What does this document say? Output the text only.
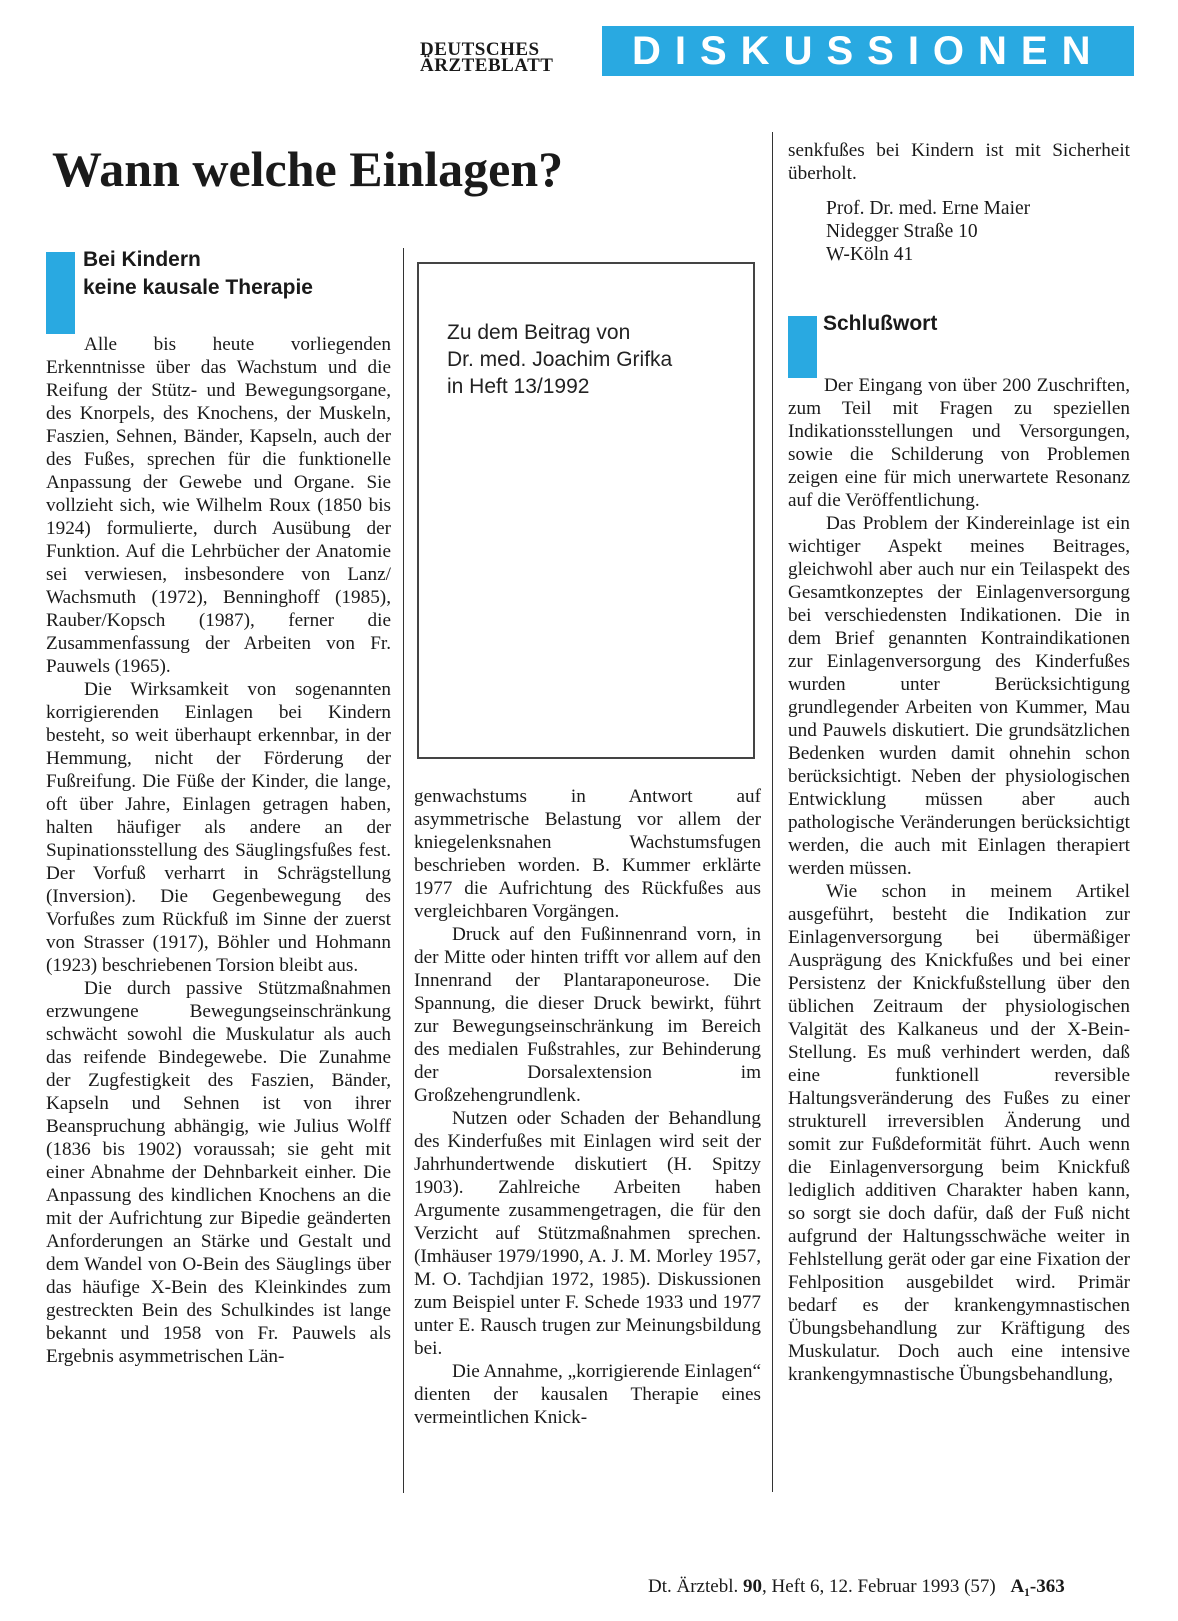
DEUTSCHES
ÄRZTEBLATT DISKUSSIONEN
Wann welche Einlagen?
Bei Kindern
keine kausale Therapie

Alle bis heute vorliegenden Erkenntnisse über das Wachstum und die Reifung der Stütz- und Bewegungsorgane, des Knorpels, des Knochens, der Muskeln, Faszien, Sehnen, Bänder, Kapseln, auch der des Fußes, sprechen für die funktionelle Anpassung der Gewebe und Organe. Sie vollzieht sich, wie Wilhelm Roux (1850 bis 1924) formulierte, durch Ausübung der Funktion. Auf die Lehrbücher der Anatomie sei verwiesen, insbesondere von Lanz/ Wachsmuth (1972), Benninghoff (1985), Rauber/Kopsch (1987), ferner die Zusammenfassung der Arbeiten von Fr. Pauwels (1965).

Die Wirksamkeit von sogenannten korrigierenden Einlagen bei Kindern besteht, so weit überhaupt erkennbar, in der Hemmung, nicht der Förderung der Fußreifung. Die Füße der Kinder, die lange, oft über Jahre, Einlagen getragen haben, halten häufiger als andere an der Supinationsstellung des Säuglingsfußes fest. Der Vorfuß verharrt in Schrägstellung (Inversion). Die Gegenbewegung des Vorfußes zum Rückfuß im Sinne der zuerst von Strasser (1917), Böhler und Hohmann (1923) beschriebenen Torsion bleibt aus.

Die durch passive Stützmaßnahmen erzwungene Bewegungseinschränkung schwächt sowohl die Muskulatur als auch das reifende Bindegewebe. Die Zunahme der Zugfestigkeit des Faszien, Bänder, Kapseln und Sehnen ist von ihrer Beanspruchung abhängig, wie Julius Wolff (1836 bis 1902) voraussah; sie geht mit einer Abnahme der Dehnbarkeit einher. Die Anpassung des kindlichen Knochens an die mit der Aufrichtung zur Bipedie geänderten Anforderungen an Stärke und Gestalt und dem Wandel von O-Bein des Säuglings über das häufige X-Bein des Kleinkindes zum gestreckten Bein des Schulkindes ist lange bekannt und 1958 von Fr. Pauwels als Ergebnis asymmetrischen Län-

Zu dem Beitrag von
Dr. med. Joachim Grifka
in Heft 13/1992

genwachstums in Antwort auf asymmetrische Belastung vor allem der kniegelenksnahen Wachstumsfugen beschrieben worden. B. Kummer erklärte 1977 die Aufrichtung des Rückfußes aus vergleichbaren Vorgängen.

Druck auf den Fußinnenrand vorn, in der Mitte oder hinten trifft vor allem auf den Innenrand der Plantaraponeurose. Die Spannung, die dieser Druck bewirkt, führt zur Bewegungseinschränkung im Bereich des medialen Fußstrahles, zur Behinderung der Dorsalextension im Großzehengrundlenk.

Nutzen oder Schaden der Behandlung des Kinderfußes mit Einlagen wird seit der Jahrhundertwende diskutiert (H. Spitzy 1903). Zahlreiche Arbeiten haben Argumente zusammengetragen, die für den Verzicht auf Stützmaßnahmen sprechen. (Imhäuser 1979/1990, A. J. M. Morley 1957, M. O. Tachdjian 1972, 1985). Diskussionen zum Beispiel unter F. Schede 1933 und 1977 unter E. Rausch trugen zur Meinungsbildung bei.

Die Annahme, „korrigierende Einlagen“ dienten der kausalen Therapie eines vermeintlichen Knick-

senkfußes bei Kindern ist mit Sicherheit überholt.

Prof. Dr. med. Erne Maier
Nidegger Straße 10
W-Köln 41
Schlußwort

Der Eingang von über 200 Zuschriften, zum Teil mit Fragen zu speziellen Indikationsstellungen und Versorgungen, sowie die Schilderung von Problemen zeigen eine für mich unerwartete Resonanz auf die Veröffentlichung.

Das Problem der Kindereinlage ist ein wichtiger Aspekt meines Beitrages, gleichwohl aber auch nur ein Teilaspekt des Gesamtkonzeptes der Einlagenversorgung bei verschiedensten Indikationen. Die in dem Brief genannten Kontraindikationen zur Einlagenversorgung des Kinderfußes wurden unter Berücksichtigung grundlegender Arbeiten von Kummer, Mau und Pauwels diskutiert. Die grundsätzlichen Bedenken wurden damit ohnehin schon berücksichtigt. Neben der physiologischen Entwicklung müssen aber auch pathologische Veränderungen berücksichtigt werden, die auch mit Einlagen therapiert werden müssen.

Wie schon in meinem Artikel ausgeführt, besteht die Indikation zur Einlagenversorgung bei übermäßiger Ausprägung des Knickfußes und bei einer Persistenz der Knickfußstellung über den üblichen Zeitraum der physiologischen Valgität des Kalkaneus und der X-Bein-Stellung. Es muß verhindert werden, daß eine funktionell reversible Haltungsveränderung des Fußes zu einer strukturell irreversiblen Änderung und somit zur Fußdeformität führt. Auch wenn die Einlagenversorgung beim Knickfuß lediglich additiven Charakter haben kann, so sorgt sie doch dafür, daß der Fuß nicht aufgrund der Haltungsschwäche weiter in Fehlstellung gerät oder gar eine Fixation der Fehlposition ausgebildet wird. Primär bedarf es der krankengymnastischen Übungsbehandlung zur Kräftigung des Muskulatur. Doch auch eine intensive krankengymnastische Übungsbehandlung,

Dt. Ärztebl. 90, Heft 6, 12. Februar 1993 (57) A₁-363
